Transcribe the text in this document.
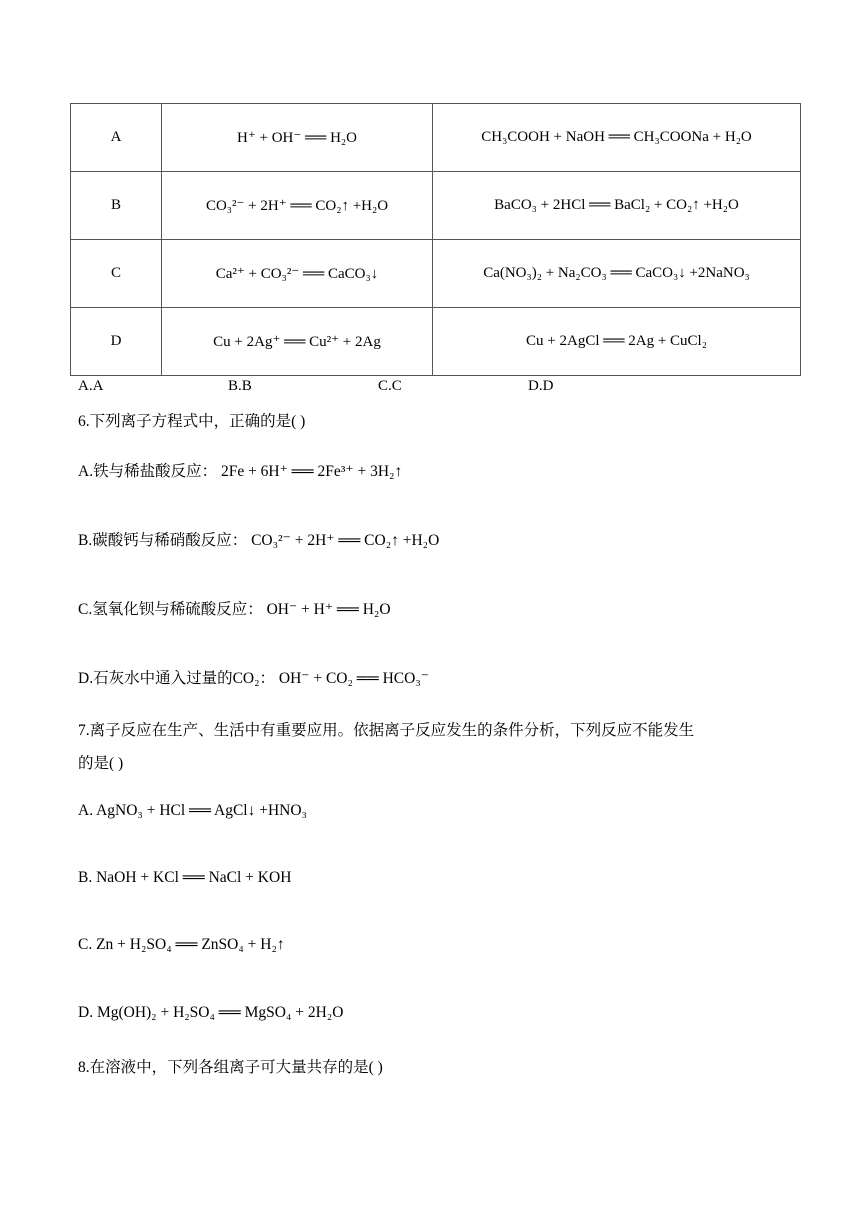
A	H⁺ + OH⁻ ══ H₂O	CH₃COOH + NaOH ══ CH₃COONa + H₂O
B	CO₃²⁻ + 2H⁺ ══ CO₂↑ +H₂O	BaCO₃ + 2HCl ══ BaCl₂ + CO₂↑ +H₂O
C	Ca²⁺ + CO₃²⁻ ══ CaCO₃↓	Ca(NO₃)₂ + Na₂CO₃ ══ CaCO₃↓ +2NaNO₃
D	Cu + 2Ag⁺ ══ Cu²⁺ + 2Ag	Cu + 2AgCl ══ 2Ag + CuCl₂
A.A	B.B	C.C	D.D
6.下列离子方程式中，正确的是( )
A.铁与稀盐酸反应： 2Fe + 6H⁺ ══ 2Fe³⁺ + 3H₂↑
B.碳酸钙与稀硝酸反应： CO₃²⁻ + 2H⁺ ══ CO₂↑ +H₂O
C.氢氧化钡与稀硫酸反应： OH⁻ + H⁺ ══ H₂O
D.石灰水中通入过量的CO₂： OH⁻ + CO₂ ══ HCO₃⁻
7.离子反应在生产、生活中有重要应用。依据离子反应发生的条件分析，下列反应不能发生
的是( )
A. AgNO₃ + HCl ══ AgCl↓ +HNO₃
B. NaOH + KCl ══ NaCl + KOH
C. Zn + H₂SO₄ ══ ZnSO₄ + H₂↑
D. Mg(OH)₂ + H₂SO₄ ══ MgSO₄ + 2H₂O
8.在溶液中，下列各组离子可大量共存的是( )
